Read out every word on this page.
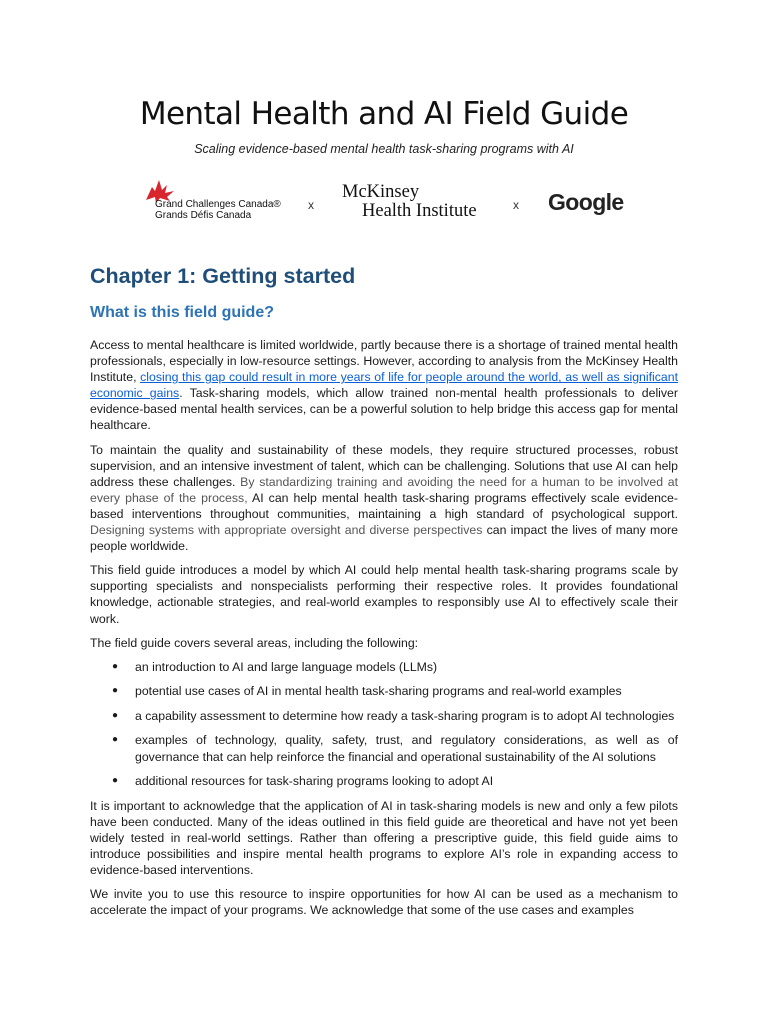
Mental Health and AI Field Guide
Scaling evidence-based mental health task-sharing programs with AI
Grand Challenges Canada®
Grands Défis Canada
x
McKinsey
Health Institute	x Google
Chapter 1: Getting started
What is this field guide?

Access to mental healthcare is limited worldwide, partly because there is a shortage of trained mental health professionals, especially in low-resource settings. However, according to analysis from the McKinsey Health Institute, closing this gap could result in more years of life for people around the world, as well as significant economic gains. Task-sharing models, which allow trained non-mental health professionals to deliver evidence-based mental health services, can be a powerful solution to help bridge this access gap for mental healthcare.

To maintain the quality and sustainability of these models, they require structured processes, robust supervision, and an intensive investment of talent, which can be challenging. Solutions that use AI can help address these challenges. By standardizing training and avoiding the need for a human to be involved at every phase of the process, AI can help mental health task-sharing programs effectively scale evidence-based interventions throughout communities, maintaining a high standard of psychological support. Designing systems with appropriate oversight and diverse perspectives can impact the lives of many more people worldwide.

This field guide introduces a model by which AI could help mental health task-sharing programs scale by supporting specialists and nonspecialists performing their respective roles. It provides foundational knowledge, actionable strategies, and real-world examples to responsibly use AI to effectively scale their work.

The field guide covers several areas, including the following:

● an introduction to AI and large language models (LLMs)
● potential use cases of AI in mental health task-sharing programs and real-world examples
● a capability assessment to determine how ready a task-sharing program is to adopt AI technologies
● examples of technology, quality, safety, trust, and regulatory considerations, as well as of governance that can help reinforce the financial and operational sustainability of the AI solutions
● additional resources for task-sharing programs looking to adopt AI

It is important to acknowledge that the application of AI in task-sharing models is new and only a few pilots have been conducted. Many of the ideas outlined in this field guide are theoretical and have not yet been widely tested in real-world settings. Rather than offering a prescriptive guide, this field guide aims to introduce possibilities and inspire mental health programs to explore AI’s role in expanding access to evidence-based interventions.

We invite you to use this resource to inspire opportunities for how AI can be used as a mechanism to accelerate the impact of your programs. We acknowledge that some of the use cases and examples
